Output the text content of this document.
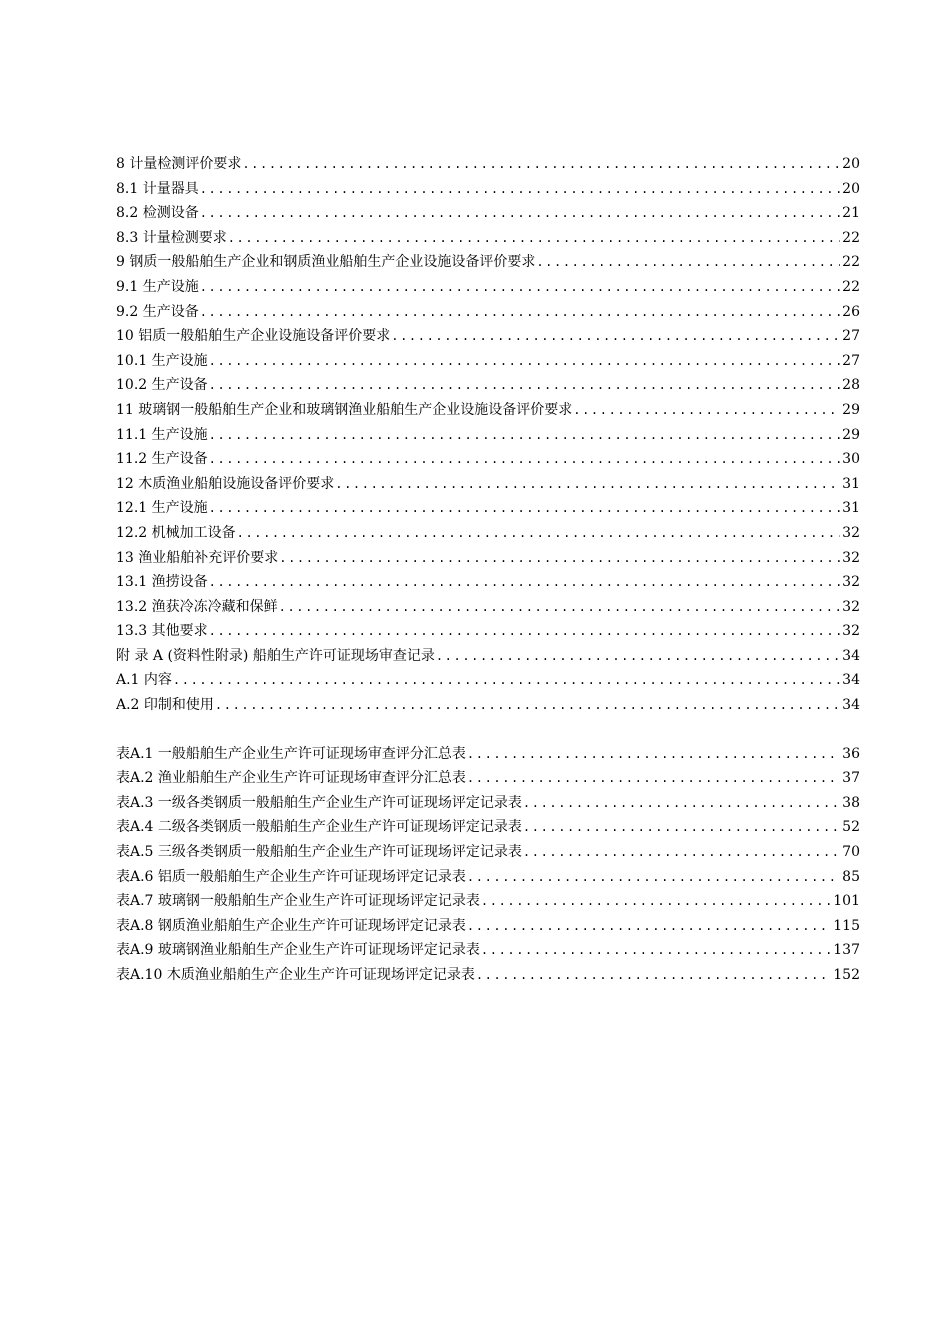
8 计量检测评价要求 .....	20
8.1 计量器具 .....	20
8.2 检测设备 .....	21
8.3 计量检测要求 .....	22
9 钢质一般船舶生产企业和钢质渔业船舶生产企业设施设备评价要求 .....	22
9.1 生产设施 .....	22
9.2 生产设备 .....	26
10 铝质一般船舶生产企业设施设备评价要求 .....	27
10.1 生产设施 .....	27
10.2 生产设备 .....	28
11 玻璃钢一般船舶生产企业和玻璃钢渔业船舶生产企业设施设备评价要求 .....	29
11.1 生产设施 .....	29
11.2 生产设备 .....	30
12 木质渔业船舶设施设备评价要求 .....	31
12.1 生产设施 .....	31
12.2 机械加工设备 .....	32
13 渔业船舶补充评价要求 .....	32
13.1 渔捞设备 .....	32
13.2 渔获冷冻冷藏和保鲜 .....	32
13.3 其他要求 .....	32
附 录 A (资料性附录) 船舶生产许可证现场审查记录 .....	34
A.1 内容 .....	34
A.2 印制和使用 .....	34
表A.1 一般船舶生产企业生产许可证现场审查评分汇总表 .....	36
表A.2 渔业船舶生产企业生产许可证现场审查评分汇总表 .....	37
表A.3 一级各类钢质一般船舶生产企业生产许可证现场评定记录表 .....	38
表A.4 二级各类钢质一般船舶生产企业生产许可证现场评定记录表 .....	52
表A.5 三级各类钢质一般船舶生产企业生产许可证现场评定记录表 .....	70
表A.6 铝质一般船舶生产企业生产许可证现场评定记录表 .....	85
表A.7 玻璃钢一般船舶生产企业生产许可证现场评定记录表 .....	101
表A.8 钢质渔业船舶生产企业生产许可证现场评定记录表 .....	115
表A.9 玻璃钢渔业船舶生产企业生产许可证现场评定记录表 .....	137
表A.10 木质渔业船舶生产企业生产许可证现场评定记录表 .....	152
